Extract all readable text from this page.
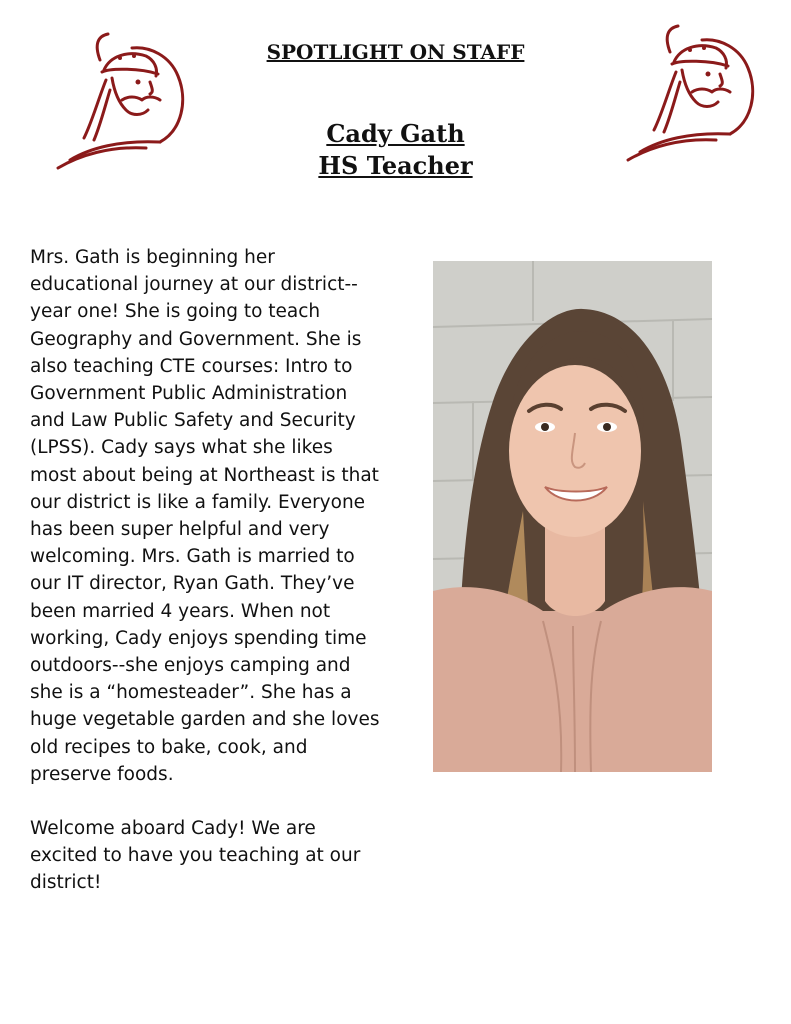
SPOTLIGHT ON STAFF
Cady Gath
HS Teacher

Mrs. Gath is beginning her educational journey at our district--year one! She is going to teach Geography and Government. She is also teaching CTE courses: Intro to Government Public Administration and Law Public Safety and Security (LPSS). Cady says what she likes most about being at Northeast is that our district is like a family. Everyone has been super helpful and very welcoming. Mrs. Gath is married to our IT director, Ryan Gath. They’ve been married 4 years. When not working, Cady enjoys spending time outdoors--she enjoys camping and she is a “homesteader”. She has a huge vegetable garden and she loves old recipes to bake, cook, and preserve foods.

Welcome aboard Cady! We are excited to have you teaching at our district!
